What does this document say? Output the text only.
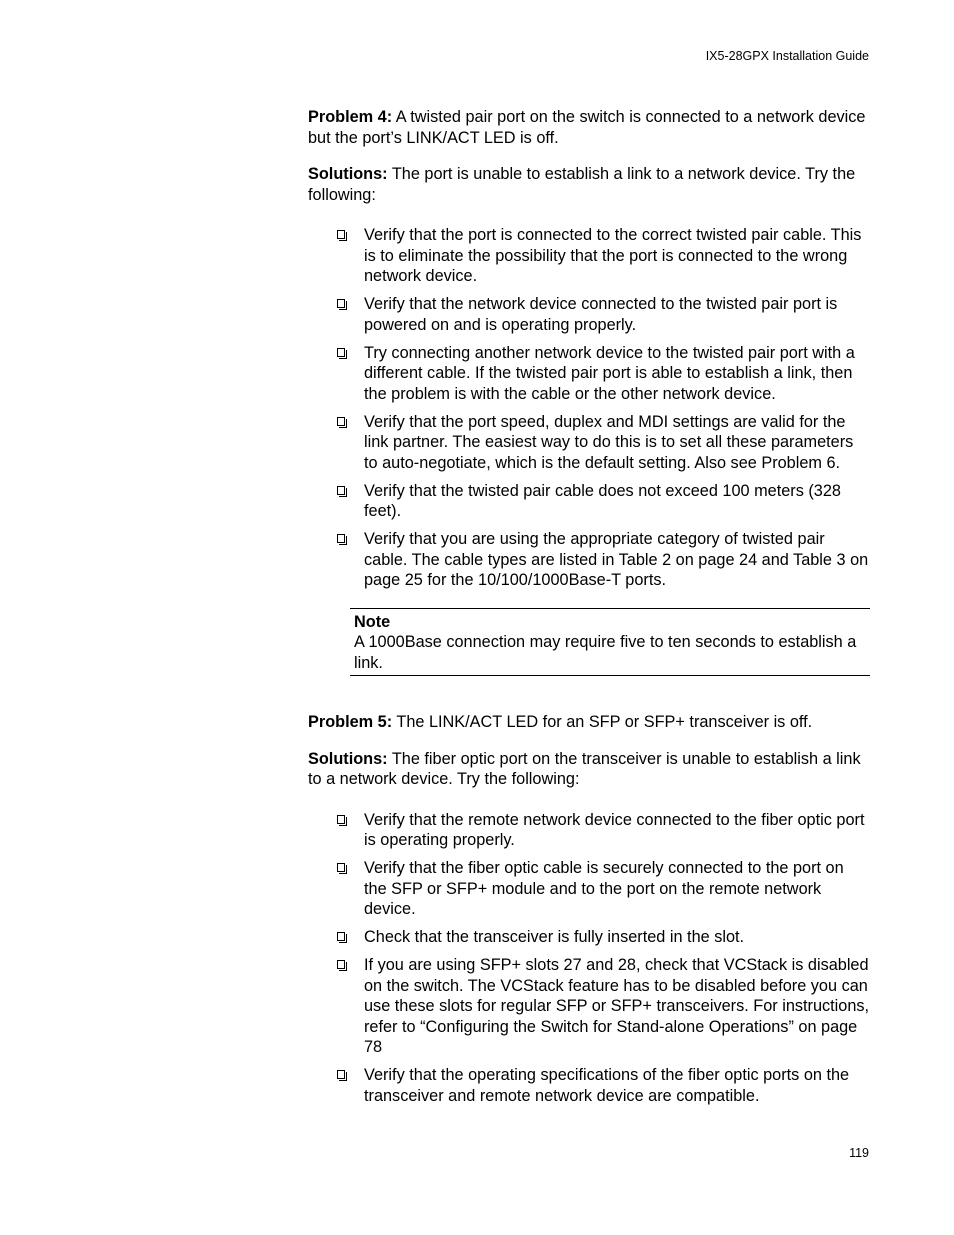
IX5-28GPX Installation Guide

Problem 4: A twisted pair port on the switch is connected to a network device but the port’s LINK/ACT LED is off.

Solutions: The port is unable to establish a link to a network device. Try the following:

Verify that the port is connected to the correct twisted pair cable. This is to eliminate the possibility that the port is connected to the wrong network device.
Verify that the network device connected to the twisted pair port is powered on and is operating properly.
Try connecting another network device to the twisted pair port with a different cable. If the twisted pair port is able to establish a link, then the problem is with the cable or the other network device.
Verify that the port speed, duplex and MDI settings are valid for the link partner. The easiest way to do this is to set all these parameters to auto-negotiate, which is the default setting. Also see Problem 6.
Verify that the twisted pair cable does not exceed 100 meters (328 feet).
Verify that you are using the appropriate category of twisted pair cable. The cable types are listed in Table 2 on page 24 and Table 3 on page 25 for the 10/100/1000Base-T ports.
Note
A 1000Base connection may require five to ten seconds to establish a link.

Problem 5: The LINK/ACT LED for an SFP or SFP+ transceiver is off.

Solutions: The fiber optic port on the transceiver is unable to establish a link to a network device. Try the following:

Verify that the remote network device connected to the fiber optic port is operating properly.
Verify that the fiber optic cable is securely connected to the port on the SFP or SFP+ module and to the port on the remote network device.
Check that the transceiver is fully inserted in the slot.
If you are using SFP+ slots 27 and 28, check that VCStack is disabled on the switch. The VCStack feature has to be disabled before you can use these slots for regular SFP or SFP+ transceivers. For instructions, refer to “Configuring the Switch for Stand-alone Operations” on page 78
Verify that the operating specifications of the fiber optic ports on the transceiver and remote network device are compatible.
119
